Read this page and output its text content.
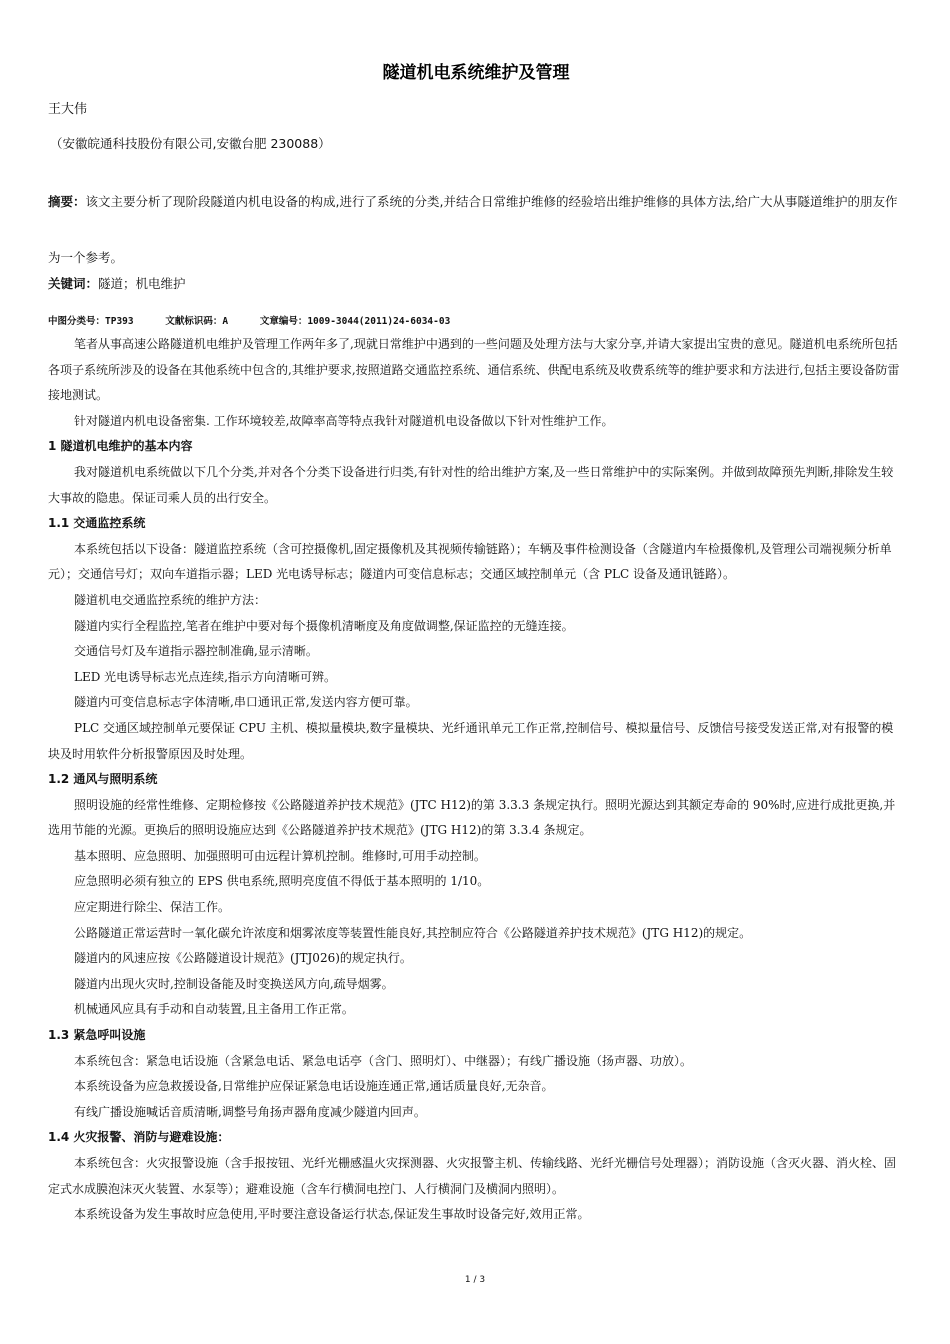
隧道机电系统维护及管理
王大伟
（安徽皖通科技股份有限公司,安徽台肥 230088）

摘要：该文主要分析了现阶段隧道内机电设备的构成,进行了系统的分类,并结合日常维护维修的经验培出维护维修的具体方法,给广大从事隧道维护的朋友作为一个参考。

关键词：隧道；机电维护
中图分类号：TP393	文献标识码：A	文章编号：1009-3044(2011)24-6034-03

笔者从事高速公路隧道机电维护及管理工作两年多了,现就日常维护中遇到的一些问题及处理方法与大家分享,并请大家提出宝贵的意见。隧道机电系统所包括各项子系统所涉及的设备在其他系统中包含的,其维护要求,按照道路交通监控系统、通信系统、供配电系统及收费系统等的维护要求和方法进行,包括主要设备防雷接地测试。

针对隧道内机电设备密集. 工作环境较差,故障率高等特点我针对隧道机电设备做以下针对性维护工作。

1 隧道机电维护的基本内容

我对隧道机电系统做以下几个分类,并对各个分类下设备进行归类,有针对性的给出维护方案,及一些日常维护中的实际案例。并做到故障预先判断,排除发生较大事故的隐患。保证司乘人员的出行安全。

1.1 交通监控系统

本系统包括以下设备：隧道监控系统（含可控摄像机,固定摄像机及其视频传输链路）；车辆及事件检测设备（含隧道内车检摄像机,及管理公司端视频分析单元）；交通信号灯；双向车道指示器；LED 光电诱导标志；隧道内可变信息标志；交通区域控制单元（含 PLC 设备及通讯链路）。

隧道机电交通监控系统的维护方法：

隧道内实行全程监控,笔者在维护中要对每个摄像机清晰度及角度做调整,保证监控的无缝连接。

交通信号灯及车道指示器控制准确,显示清晰。

LED 光电诱导标志光点连续,指示方向清晰可辨。

隧道内可变信息标志字体清晰,串口通讯正常,发送内容方便可靠。

PLC 交通区域控制单元要保证 CPU 主机、模拟量模块,数字量模块、光纤通讯单元工作正常,控制信号、模拟量信号、反馈信号接受发送正常,对有报警的模块及时用软件分析报警原因及时处理。

1.2 通风与照明系统

照明设施的经常性维修、定期检修按《公路隧道养护技术规范》(JTC H12)的第 3.3.3 条规定执行。照明光源达到其额定寿命的 90%时,应进行成批更换,并选用节能的光源。更换后的照明设施应达到《公路隧道养护技术规范》(JTG H12)的第 3.3.4 条规定。

基本照明、应急照明、加强照明可由远程计算机控制。维修时,可用手动控制。

应急照明必须有独立的 EPS 供电系统,照明亮度值不得低于基本照明的 1/10。

应定期进行除尘、保洁工作。

公路隧道正常运营时一氧化碳允许浓度和烟雾浓度等装置性能良好,其控制应符合《公路隧道养护技术规范》(JTG H12)的规定。

隧道内的风速应按《公路隧道设计规范》(JTJ026)的规定执行。

隧道内出现火灾时,控制设备能及时变换送风方向,疏导烟雾。

机械通风应具有手动和自动装置,且主备用工作正常。

1.3 紧急呼叫设施

本系统包含：紧急电话设施（含紧急电话、紧急电话亭（含门、照明灯）、中继器）；有线广播设施（扬声器、功放）。

本系统设备为应急救援设备,日常维护应保证紧急电话设施连通正常,通话质量良好,无杂音。

有线广播设施喊话音质清晰,调整号角扬声器角度减少隧道内回声。

1.4 火灾报警、消防与避难设施：

本系统包含：火灾报警设施（含手报按钮、光纤光栅感温火灾探测器、火灾报警主机、传输线路、光纤光栅信号处理器）；消防设施（含灭火器、消火栓、固定式水成膜泡沫灭火装置、水泵等）；避难设施（含车行横洞电控门、人行横洞门及横洞内照明）。

本系统设备为发生事故时应急使用,平时要注意设备运行状态,保证发生事故时设备完好,效用正常。

1 / 3
